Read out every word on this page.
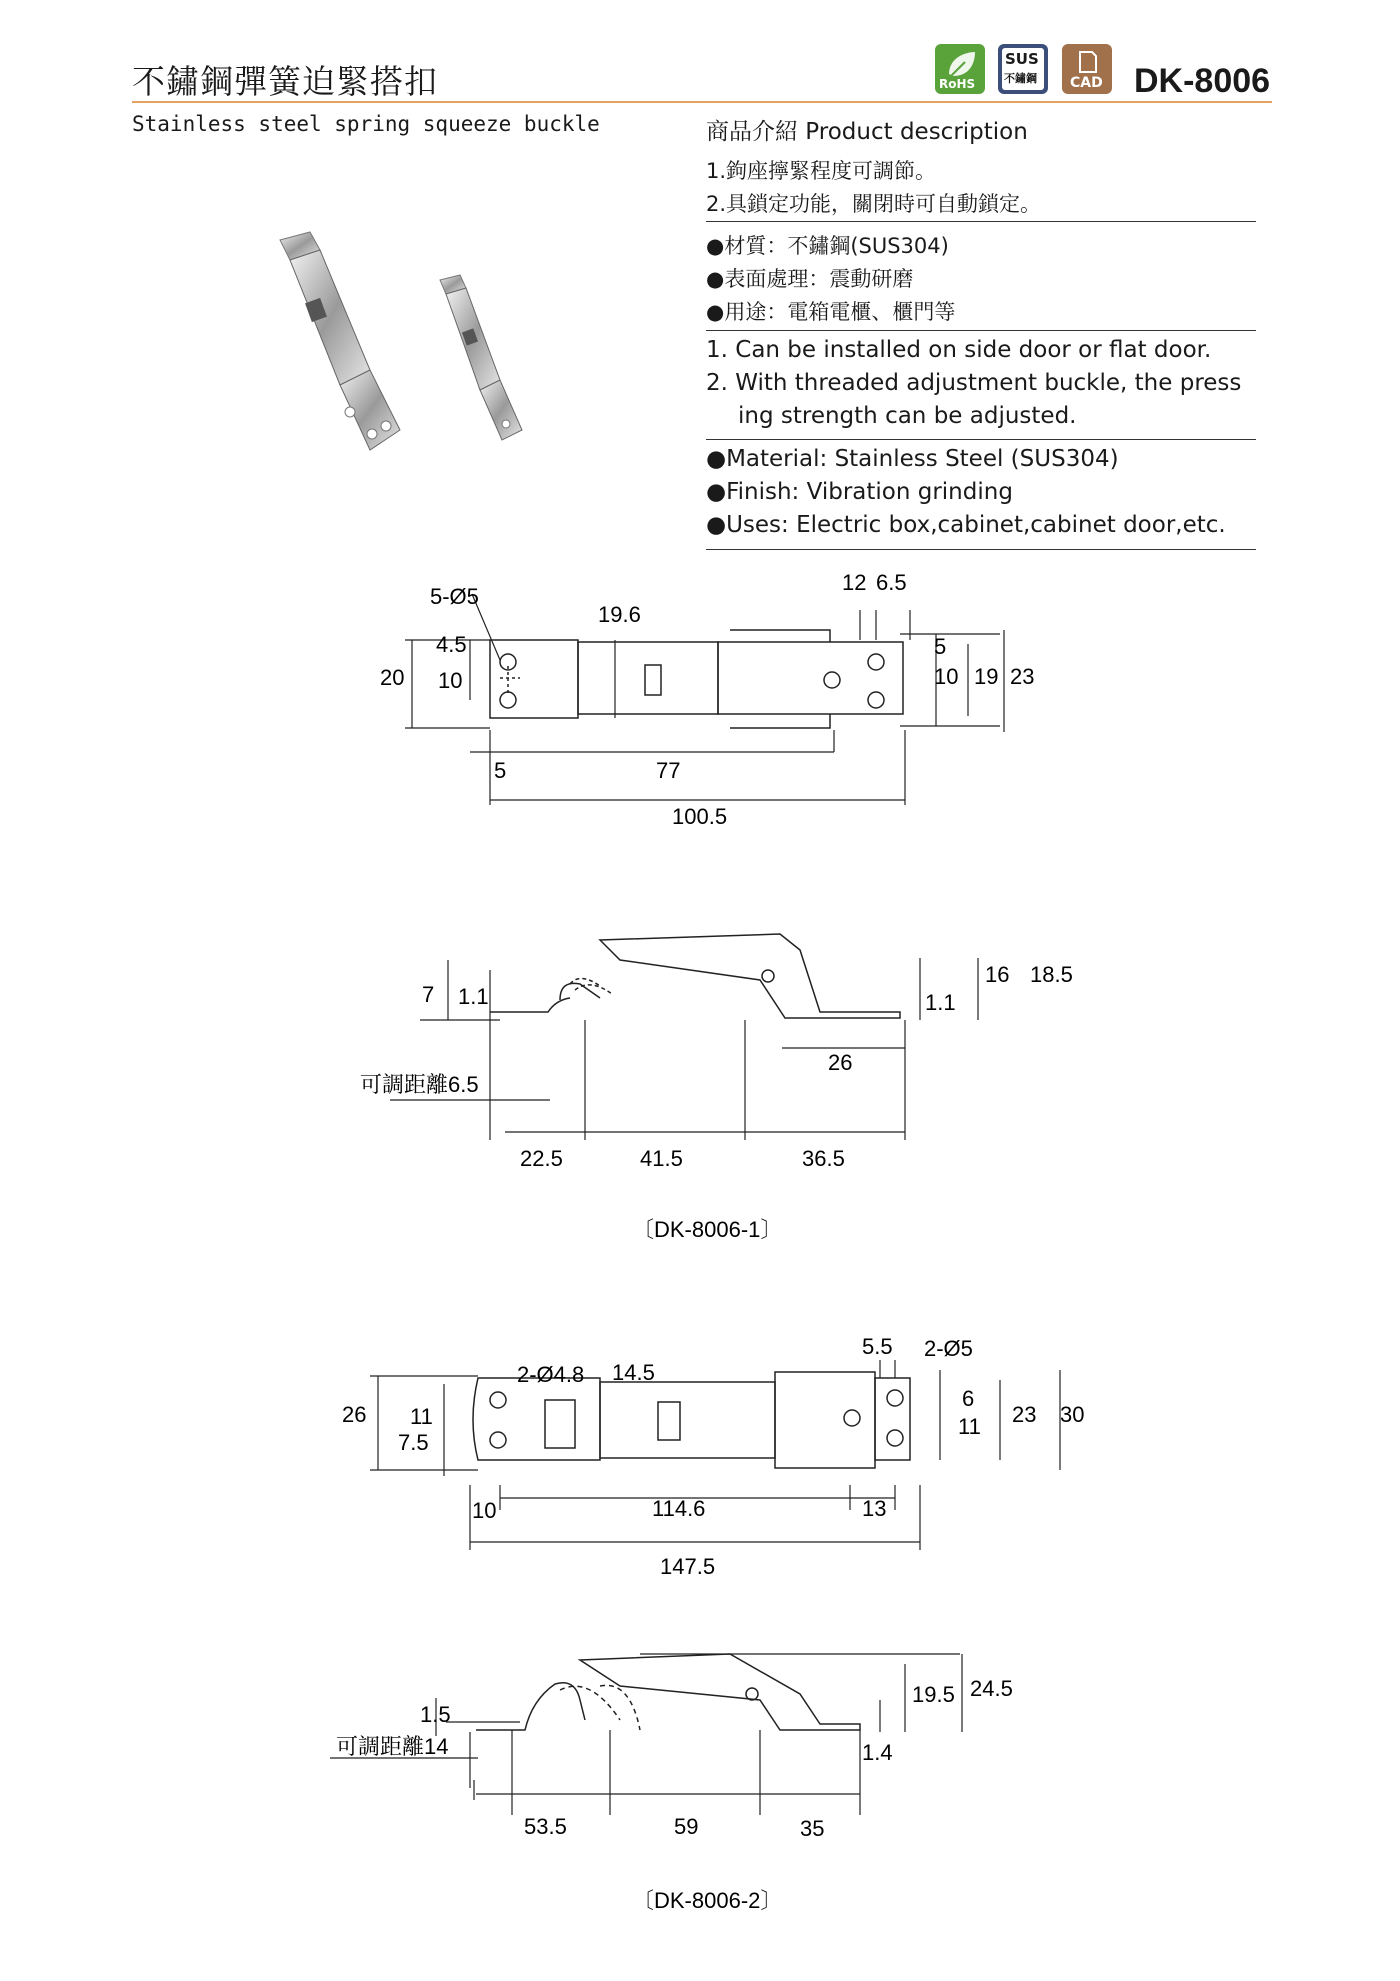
不鏽鋼彈簧迫緊搭扣
Stainless steel spring squeeze buckle
RoHS
SUS
不鏽鋼 CAD DK-8006
商品介紹 Product description
1.鉤座擰緊程度可調節。
2.具鎖定功能，關閉時可自動鎖定。
●材質：不鏽鋼(SUS304)
●表面處理：震動研磨
●用途：電箱電櫃、櫃門等
1. Can be installed on side door or flat door.
2. With threaded adjustment buckle, the press
ing strength can be adjusted.
●Material: Stainless Steel (SUS304)
●Finish: Vibration grinding
●Uses: Electric box,cabinet,cabinet door,etc.
5-Ø5
19.6
12 6.5
4.5
10
20
5
10 19 23
5	77
100.5
7 1.1
16 18.5
1.1
26
可調距離6.5
22.5	41.5	36.5
〔DK-8006-1〕
2-Ø4.8 14.5
5.5 2-Ø5
26 11
7.5
6
11 23 30
10	114.6	13
147.5
1.5
可調距離14
19.5 24.5
1.4
53.5	59	35
〔DK-8006-2〕
